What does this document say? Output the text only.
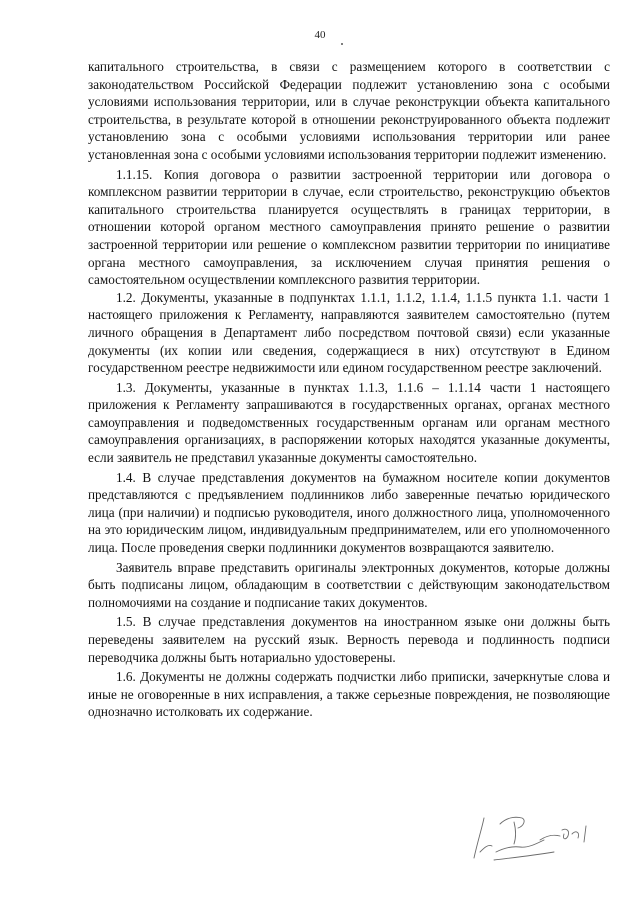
40

капитального строительства, в связи с размещением которого в соответствии с законодательством Российской Федерации подлежит установлению зона с особыми условиями использования территории, или в случае реконструкции объекта капитального строительства, в результате которой в отношении реконструированного объекта подлежит установлению зона с особыми условиями использования территории или ранее установленная зона с особыми условиями использования территории подлежит изменению.

1.1.15. Копия договора о развитии застроенной территории или договора о комплексном развитии территории в случае, если строительство, реконструкцию объектов капитального строительства планируется осуществлять в границах территории, в отношении которой органом местного самоуправления принято решение о развитии застроенной территории или решение о комплексном развитии территории по инициативе органа местного самоуправления, за исключением случая принятия решения о самостоятельном осуществлении комплексного развития территории.

1.2. Документы, указанные в подпунктах 1.1.1, 1.1.2, 1.1.4, 1.1.5 пункта 1.1. части 1 настоящего приложения к Регламенту, направляются заявителем самостоятельно (путем личного обращения в Департамент либо посредством почтовой связи) если указанные документы (их копии или сведения, содержащиеся в них) отсутствуют в Едином государственном реестре недвижимости или едином государственном реестре заключений.

1.3. Документы, указанные в пунктах 1.1.3, 1.1.6 – 1.1.14 части 1 настоящего приложения к Регламенту запрашиваются в государственных органах, органах местного самоуправления и подведомственных государственным органам или органам местного самоуправления организациях, в распоряжении которых находятся указанные документы, если заявитель не представил указанные документы самостоятельно.

1.4. В случае представления документов на бумажном носителе копии документов представляются с предъявлением подлинников либо заверенные печатью юридического лица (при наличии) и подписью руководителя, иного должностного лица, уполномоченного на это юридическим лицом, индивидуальным предпринимателем, или его уполномоченного лица. После проведения сверки подлинники документов возвращаются заявителю.

Заявитель вправе представить оригиналы электронных документов, которые должны быть подписаны лицом, обладающим в соответствии с действующим законодательством полномочиями на создание и подписание таких документов.

1.5. В случае представления документов на иностранном языке они должны быть переведены заявителем на русский язык. Верность перевода и подлинность подписи переводчика должны быть нотариально удостоверены.

1.6. Документы не должны содержать подчистки либо приписки, зачеркнутые слова и иные не оговоренные в них исправления, а также серьезные повреждения, не позволяющие однозначно истолковать их содержание.
